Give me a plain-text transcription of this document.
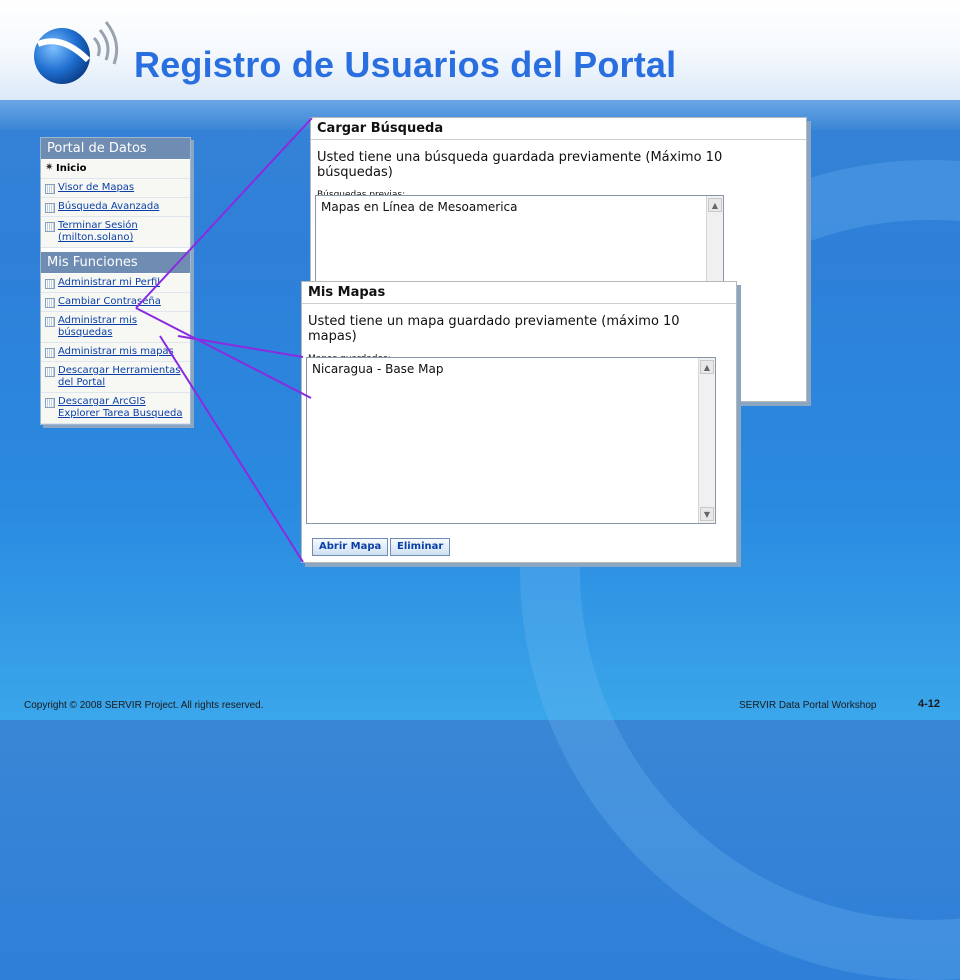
Registro de Usuarios del Portal
Portal de Datos
✷ Inicio
Visor de Mapas
Búsqueda Avanzada
Terminar Sesión (milton.solano)
Mis Funciones
Administrar mi Perfil
Cambiar Contraseña
Administrar mis búsquedas
Administrar mis mapas
Descargar Herramientas del Portal
Descargar ArcGIS Explorer Tarea Busqueda
Cargar Búsqueda
Usted tiene una búsqueda guardada previamente (Máximo 10 búsquedas)
Mapas en Línea de Mesoamerica	▲
Mis Mapas
Usted tiene un mapa guardado previamente (máximo 10 mapas)
Nicaragua - Base Map	▲
▼
Abrir Mapa	Eliminar
Copyright © 2008 SERVIR Project. All rights reserved.	SERVIR Data Portal Workshop	4-12
